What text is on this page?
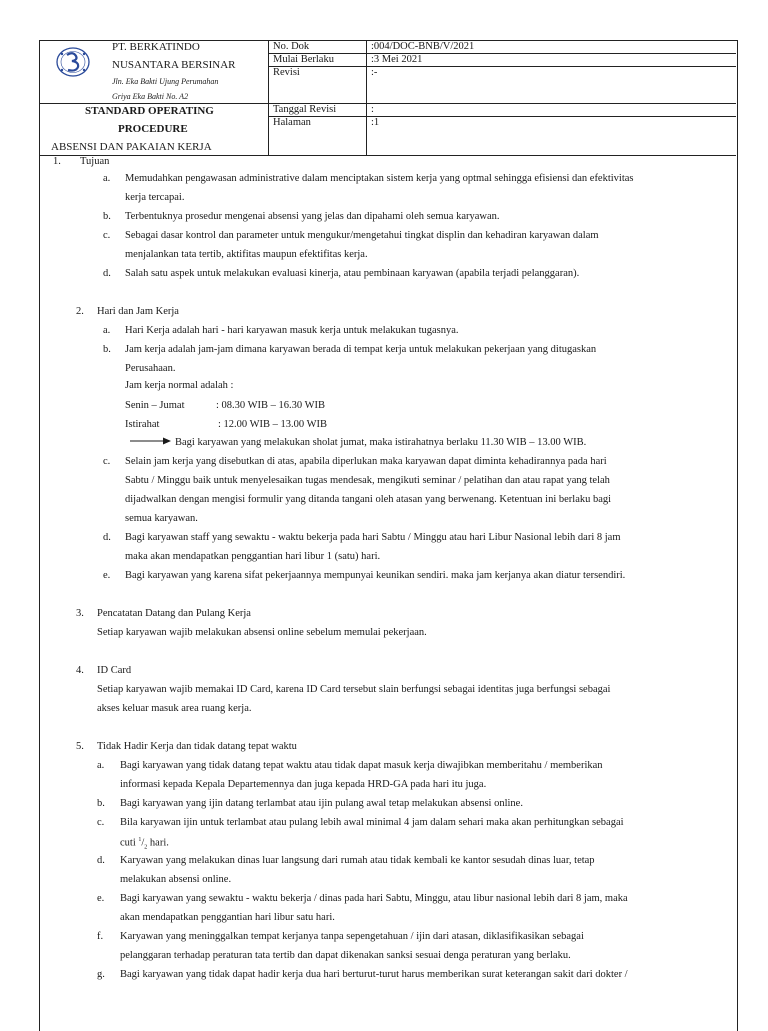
PT. BERKATINDO
NUSANTARA BERSINAR
Jln. Eka Bakti Ujung Perumahan
Griya Eka Bakti No. A2
STANDARD OPERATING
PROCEDURE
ABSENSI DAN PAKAIAN KERJA
No. Dok	:004/DOC-BNB/V/2021
Mulai Berlaku	:3 Mei 2021
Revisi	:-
Tanggal Revisi	:
Halaman	:1
1. Tujuan
a. Memudahkan pengawasan administrative dalam menciptakan sistem kerja yang optmal sehingga efisiensi dan efektivitas
kerja tercapai.
b. Terbentuknya prosedur mengenai absensi yang jelas dan dipahami oleh semua karyawan.
c. Sebagai dasar kontrol dan parameter untuk mengukur/mengetahui tingkat displin dan kehadiran karyawan dalam
menjalankan tata tertib, aktifitas maupun efektifitas kerja.
d. Salah satu aspek untuk melakukan evaluasi kinerja, atau pembinaan karyawan (apabila terjadi pelanggaran).
2. Hari dan Jam Kerja
a. Hari Kerja adalah hari - hari karyawan masuk kerja untuk melakukan tugasnya.
b. Jam kerja adalah jam-jam dimana karyawan berada di tempat kerja untuk melakukan pekerjaan yang ditugaskan
Perusahaan.
Jam kerja normal adalah :
Senin – Jumat	: 08.30 WIB – 16.30 WIB
Istirahat	: 12.00 WIB – 13.00 WIB
Bagi karyawan yang melakukan sholat jumat, maka istirahatnya berlaku 11.30 WIB – 13.00 WIB.
c. Selain jam kerja yang disebutkan di atas, apabila diperlukan maka karyawan dapat diminta kehadirannya pada hari
Sabtu / Minggu baik untuk menyelesaikan tugas mendesak, mengikuti seminar / pelatihan dan atau rapat yang telah
dijadwalkan dengan mengisi formulir yang ditanda tangani oleh atasan yang berwenang. Ketentuan ini berlaku bagi
semua karyawan.
d. Bagi karyawan staff yang sewaktu - waktu bekerja pada hari Sabtu / Minggu atau hari Libur Nasional lebih dari 8 jam
maka akan mendapatkan penggantian hari libur 1 (satu) hari.
e. Bagi karyawan yang karena sifat pekerjaannya mempunyai keunikan sendiri. maka jam kerjanya akan diatur tersendiri.
3. Pencatatan Datang dan Pulang Kerja
Setiap karyawan wajib melakukan absensi online sebelum memulai pekerjaan.
4. ID Card
Setiap karyawan wajib memakai ID Card, karena ID Card tersebut slain berfungsi sebagai identitas juga berfungsi sebagai
akses keluar masuk area ruang kerja.
5. Tidak Hadir Kerja dan tidak datang tepat waktu
a. Bagi karyawan yang tidak datang tepat waktu atau tidak dapat masuk kerja diwajibkan memberitahu / memberikan
informasi kepada Kepala Departemennya dan juga kepada HRD-GA pada hari itu juga.
b. Bagi karyawan yang ijin datang terlambat atau ijin pulang awal tetap melakukan absensi online.
c. Bila karyawan ijin untuk terlambat atau pulang lebih awal minimal 4 jam dalam sehari maka akan perhitungkan sebagai
cuti $^1/_2$ hari.
d. Karyawan yang melakukan dinas luar langsung dari rumah atau tidak kembali ke kantor sesudah dinas luar, tetap
melakukan absensi online.
e. Bagi karyawan yang sewaktu - waktu bekerja / dinas pada hari Sabtu, Minggu, atau libur nasional lebih dari 8 jam, maka
akan mendapatkan penggantian hari libur satu hari.
f. Karyawan yang meninggalkan tempat kerjanya tanpa sepengetahuan / ijin dari atasan, diklasifikasikan sebagai
pelanggaran terhadap peraturan tata tertib dan dapat dikenakan sanksi sesuai denga peraturan yang berlaku.
g. Bagi karyawan yang tidak dapat hadir kerja dua hari berturut-turut harus memberikan surat keterangan sakit dari dokter /
